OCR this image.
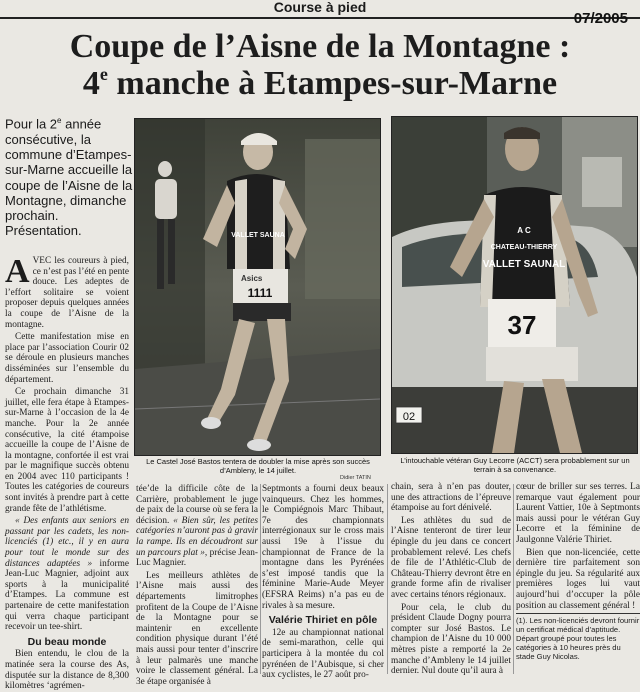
Course à pied
07/2005
Coupe de l’Aisne de la Montagne :
4e manche à Etampes-sur-Marne
Pour la 2e année consécutive, la commune d’Etampes-sur-Marne accueille la coupe de l’Aisne de la Montagne, dimanche prochain. Présentation.	VALLET SAUNA
Asics
1111
Le Castel José Bastos tentera de doubler la mise après son succès d’Ambleny, le 14 juillet.
Didier TATIN
02
A C
CHATEAU-THIERRY
VALLET SAUNAL
37
L’intouchable vétéran Guy Lecorre (ACCT) sera probablement sur un terrain à sa convenance.

AVEC les coureurs à pied, ce n’est pas l’été en pente douce. Les adeptes de l’effort solitaire se voient proposer depuis quelques années la coupe de l’Aisne de la montagne.

Cette manifestation mise en place par l’association Courir 02 se déroule en plusieurs manches disséminées sur l’ensemble du département.

Ce prochain dimanche 31 juillet, elle fera étape à Etampes-sur-Marne à l’occasion de la 4e manche. Pour la 2e année consécutive, la cité étampoise accueille la coupe de l’Aisne de la montagne, confortée il est vrai par le magnifique succès obtenu en 2004 avec 110 participants ! Toutes les catégories de coureurs sont invités à prendre part à cette grande fête de l’athlétisme.

« Des enfants aux seniors en passant par les cadets, les non-licenciés (1) etc., il y en aura pour tout le monde sur des distances adaptées » informe Jean-Luc Magnier, adjoint aux sports à la municipalité d’Etampes. La commune est partenaire de cette manifestation qui verra chaque participant recevoir un tee-shirt.

Du beau monde

Bien entendu, le clou de la matinée sera la course des As, disputée sur la distance de 8,300 kilomètres ‘agrémen-

tée’de la difficile côte de la Carrière, probablement le juge de paix de la course où se fera la décision. « Bien sûr, les petites catégories n’auront pas à gravir la rampe. Ils en découdront sur un parcours plat », précise Jean-Luc Magnier.

Les meilleurs athlètes de l’Aisne mais aussi des départements limitrophes profitent de la Coupe de l’Aisne de la Montagne pour se maintenir en excellente condition physique durant l’été mais aussi pour tenter d’inscrire à leur palmarès une manche voire le classement général. La 3e étape organisée à

Septmonts a fourni deux beaux vainqueurs. Chez les hommes, le Compiégnois Marc Thibaut, 7e des championnats interrégionaux sur le cross mais aussi 19e à l’issue du championnat de France de la montagne dans les Pyrénées s’est imposé tandis que la féminine Marie-Aude Meyer (EFSRA Reims) n’a pas eu de rivales à sa mesure.

Valérie Thiriet en pôle

12e au championnat national de semi-marathon, celle qui participera à la montée du col pyrénéen de l’Aubisque, si cher aux cyclistes, le 27 août pro-

chain, sera à n’en pas douter, une des attractions de l’épreuve étampoise au fort dénivelé.

Les athlètes du sud de l’Aisne tenteront de tirer leur épingle du jeu dans ce concert probablement relevé. Les chefs de file de l’Athlétic-Club de Château-Thierry devront être en grande forme afin de rivaliser avec certains ténors régionaux.

Pour cela, le club du président Claude Dogny pourra compter sur José Bastos. Le champion de l’Aisne du 10 000 mètres piste a remporté la 2e manche d’Ambleny le 14 juillet dernier. Nul doute qu’il aura à

cœur de briller sur ses terres. La remarque vaut également pour Laurent Vattier, 10e à Septmonts mais aussi pour le vétéran Guy Lecorre et la féminine de Jaulgonne Valérie Thiriet.

Bien que non-licenciée, cette dernière tire parfaitement son épingle du jeu. Sa régularité aux premières loges lui vaut aujourd’hui d’occuper la pôle position au classement général !

(1). Les non-licenciés devront fournir un certificat médical d’aptitude. Départ groupé pour toutes les catégories à 10 heures près du stade Guy Nicolas.
